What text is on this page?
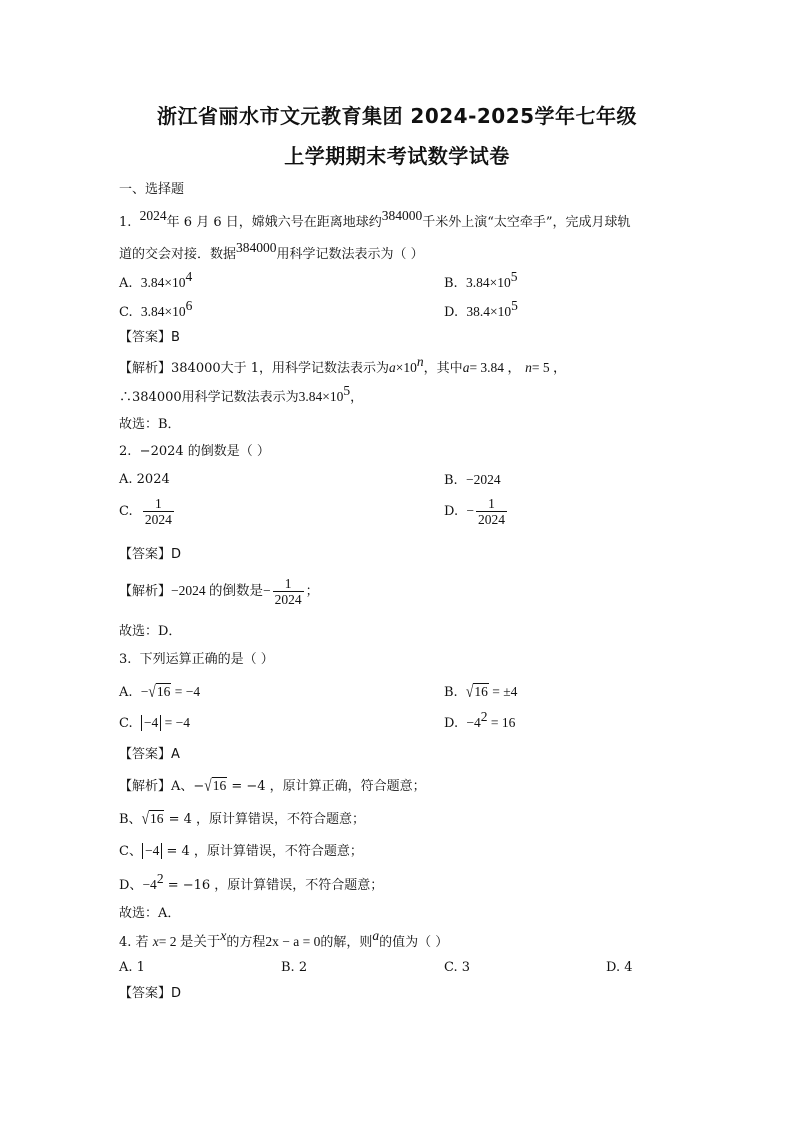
浙江省丽水市文元教育集团 2024-2025学年七年级
上学期期末考试数学试卷
一、选择题
1. 2024年 6 月 6 日，嫦娥六号在距离地球约384000千米外上演“太空牵手”，完成月球轨
道的交会对接．数据384000用科学记数法表示为（ ）
A. $3.84\times 10^4$	B. $3.84\times 10^5$
C. $3.84\times 10^6$	D. $38.4\times 10^5$
【答案】B
【解析】384000大于 1，用科学记数法表示为$a\times 10^n$，其中a= 3.84 ， n= 5 ，
∴384000用科学记数法表示为$3.84\times 10^5$，
故选：B．
2. −2024 的倒数是（ ）
A. 2024	B. −2024
C. $\frac{1}{2024}$	D. − $\frac{1}{2024}$
【答案】D
【解析】−2024 的倒数是− $\frac{1}{2024}$ ；
故选：D．
3. 下列运算正确的是（ ）
A. −√16 = −4	B. √16 = ±4
C. −4 = −4	D. $-4^2 = 16$
【答案】A
【解析】A、−√16 = −4 ，原计算正确，符合题意；
B、√16 = 4 ，原计算错误，不符合题意；
C、 −4 = 4 ，原计算错误，不符合题意；
D、$-4^2 = -16$ ，原计算错误，不符合题意；
故选：A．
4. 若 x= 2 是关于x的方程2x − a = 0的解，则a的值为（ ）
A. 1	B. 2	C. 3	D. 4
【答案】D
